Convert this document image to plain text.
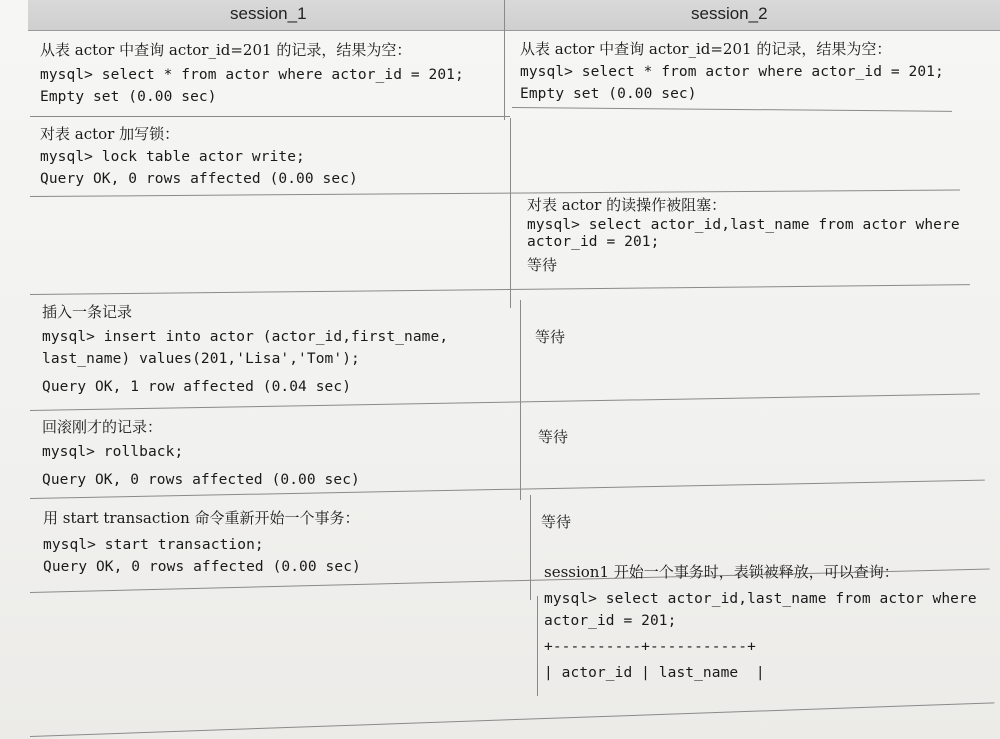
session_1	session_2
从表 actor 中查询 actor_id=201 的记录，结果为空：
mysql> select * from actor where actor_id = 201;
Empty set (0.00 sec)
从表 actor 中查询 actor_id=201 的记录，结果为空：
mysql> select * from actor where actor_id = 201;
Empty set (0.00 sec)
对表 actor 加写锁：
mysql> lock table actor write;
Query OK, 0 rows affected (0.00 sec)
对表 actor 的读操作被阻塞：
mysql> select actor_id,last_name from actor where
actor_id = 201;
等待
插入一条记录
mysql> insert into actor (actor_id,first_name,
last_name) values(201,'Lisa','Tom');
Query OK, 1 row affected (0.04 sec)
等待
回滚刚才的记录：
mysql> rollback;
Query OK, 0 rows affected (0.00 sec)
等待
用 start transaction 命令重新开始一个事务：
mysql> start transaction;
Query OK, 0 rows affected (0.00 sec)
等待
session1 开始一个事务时，表锁被释放，可以查询：
mysql> select actor_id,last_name from actor where
actor_id = 201;
+----------+-----------+
| actor_id | last_name  |
